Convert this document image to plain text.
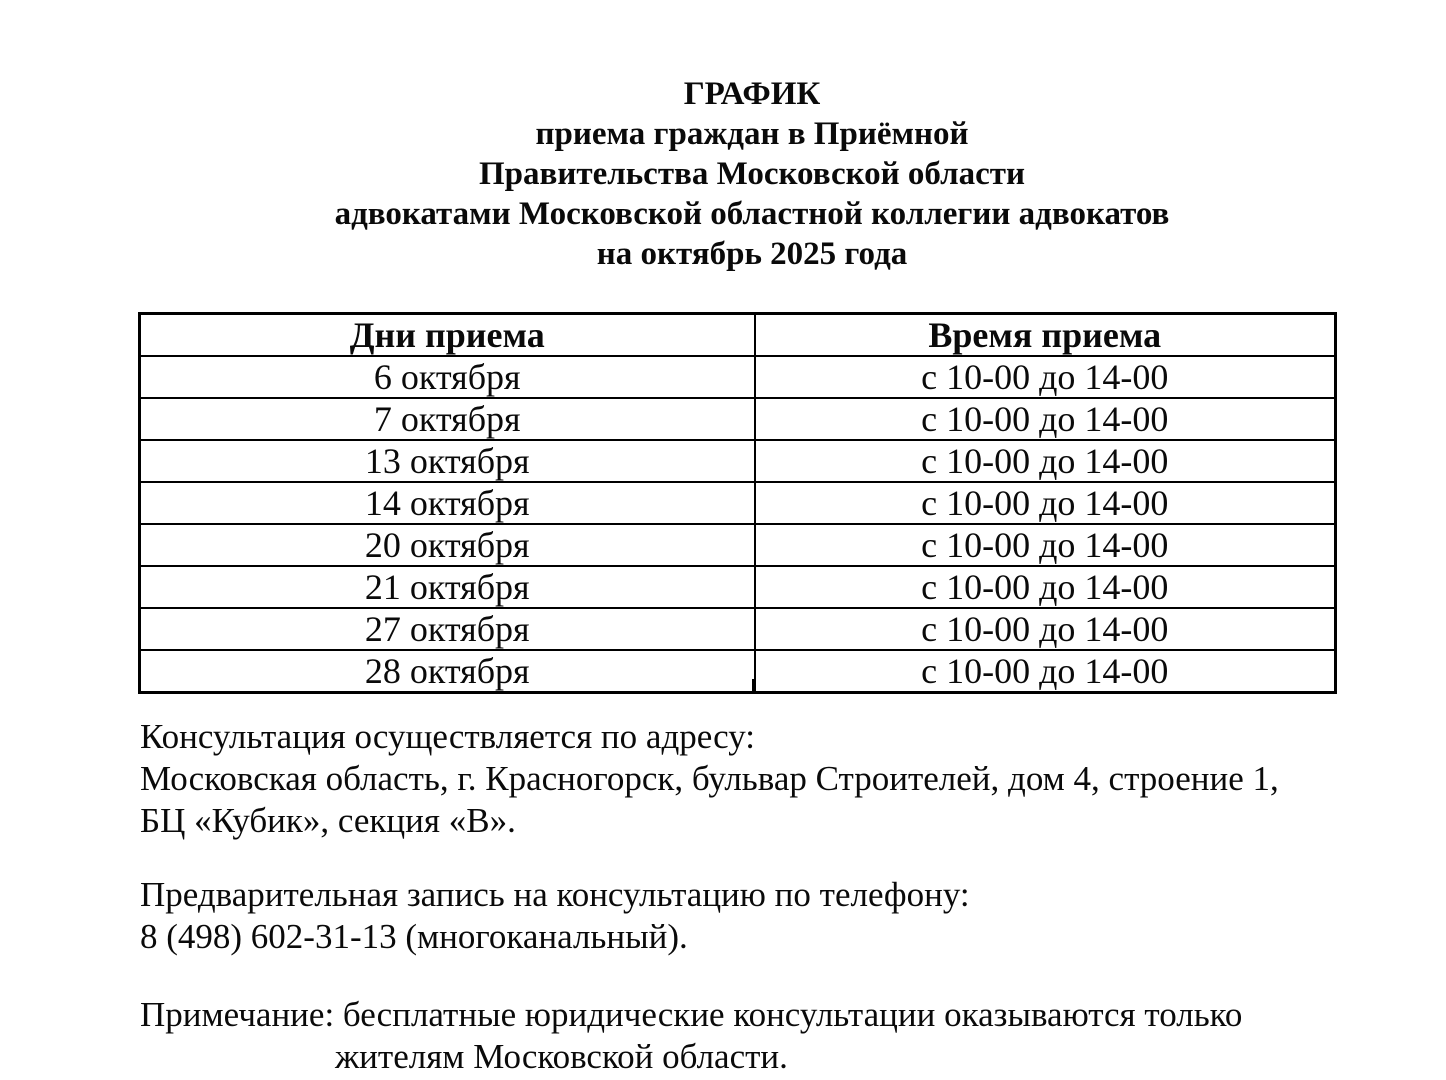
ГРАФИК
приема граждан в Приёмной
Правительства Московской области
адвокатами Московской областной коллегии адвокатов
на октябрь 2025 года
Дни приема	Время приема
6 октября	с 10-00 до 14-00
7 октября	с 10-00 до 14-00
13 октября	с 10-00 до 14-00
14 октября	с 10-00 до 14-00
20 октября	с 10-00 до 14-00
21 октября	с 10-00 до 14-00
27 октября	с 10-00 до 14-00
28 октября	с 10-00 до 14-00
Консультация осуществляется по адресу:
Московская область, г. Красногорск, бульвар Строителей, дом 4, строение 1,
БЦ «Кубик», секция «В».
Предварительная запись на консультацию по телефону:
8 (498) 602-31-13 (многоканальный).
Примечание: бесплатные юридические консультации оказываются только
жителям Московской области.
